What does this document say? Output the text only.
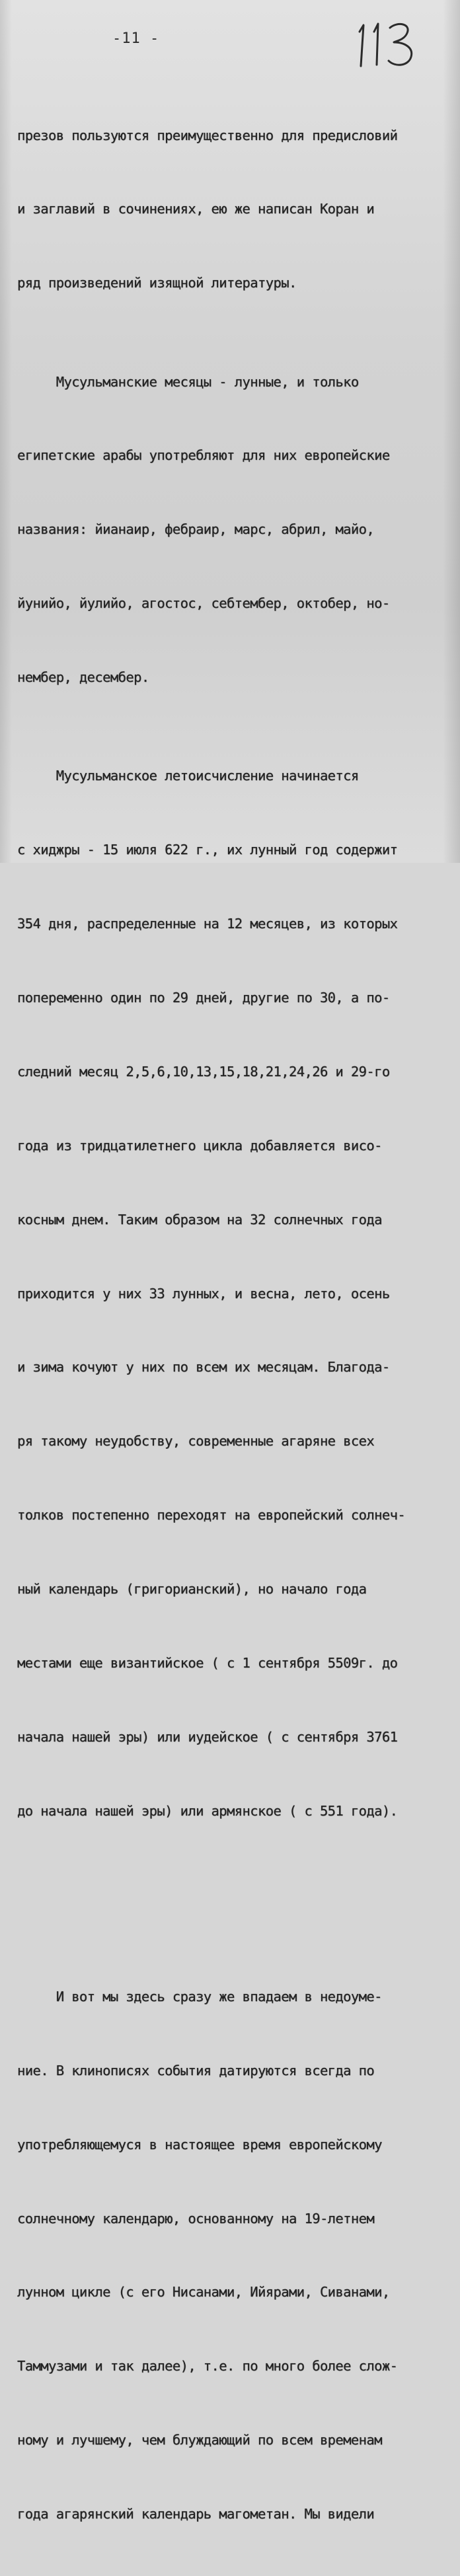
-11 -

презов пользуются преимущественно для предисловий

и заглавий в сочинениях, ею же написан Коран и

ряд произведений изящной литературы.

Мусульманские месяцы - лунные, и только

египетские арабы употребляют для них европейские

названия: йианаир, фебраир, марс, абрил, майо,

йунийо, йулийо, агостос, себтембер, октобер, но-

нембер, десембер.

Мусульманское летоисчисление начинается

с хиджры - 15 июля 622 г., их лунный год содержит

354 дня, распределенные на 12 месяцев, из которых

попеременно один по 29 дней, другие по 30, а по-

следний месяц 2,5,6,10,13,15,18,21,24,26 и 29-го

года из тридцатилетнего цикла добавляется висо-

косным днем. Таким образом на 32 солнечных года

приходится у них 33 лунных, и весна, лето, осень

и зима кочуют у них по всем их месяцам. Благода-

ря такому неудобству, современные агаряне всех

толков постепенно переходят на европейский солнеч-

ный календарь (григорианский), но начало года

местами еще византийское ( с 1 сентября 5509г. до

начала нашей эры) или иудейское ( с сентября 3761

до начала нашей эры) или армянское ( с 551 года).

И вот мы здесь сразу же впадаем в недоуме-

ние. В клинописях события датируются всегда по

употребляющемуся в настоящее время европейскому

солнечному календарю, основанному на 19-летнем

лунном цикле (с его Нисанами, Ийярами, Сиванами,

Таммузами и так далее), т.е. по много более слож-

ному и лучшему, чем блуждающий по всем временам

года агарянский календарь магометан. Мы видели
